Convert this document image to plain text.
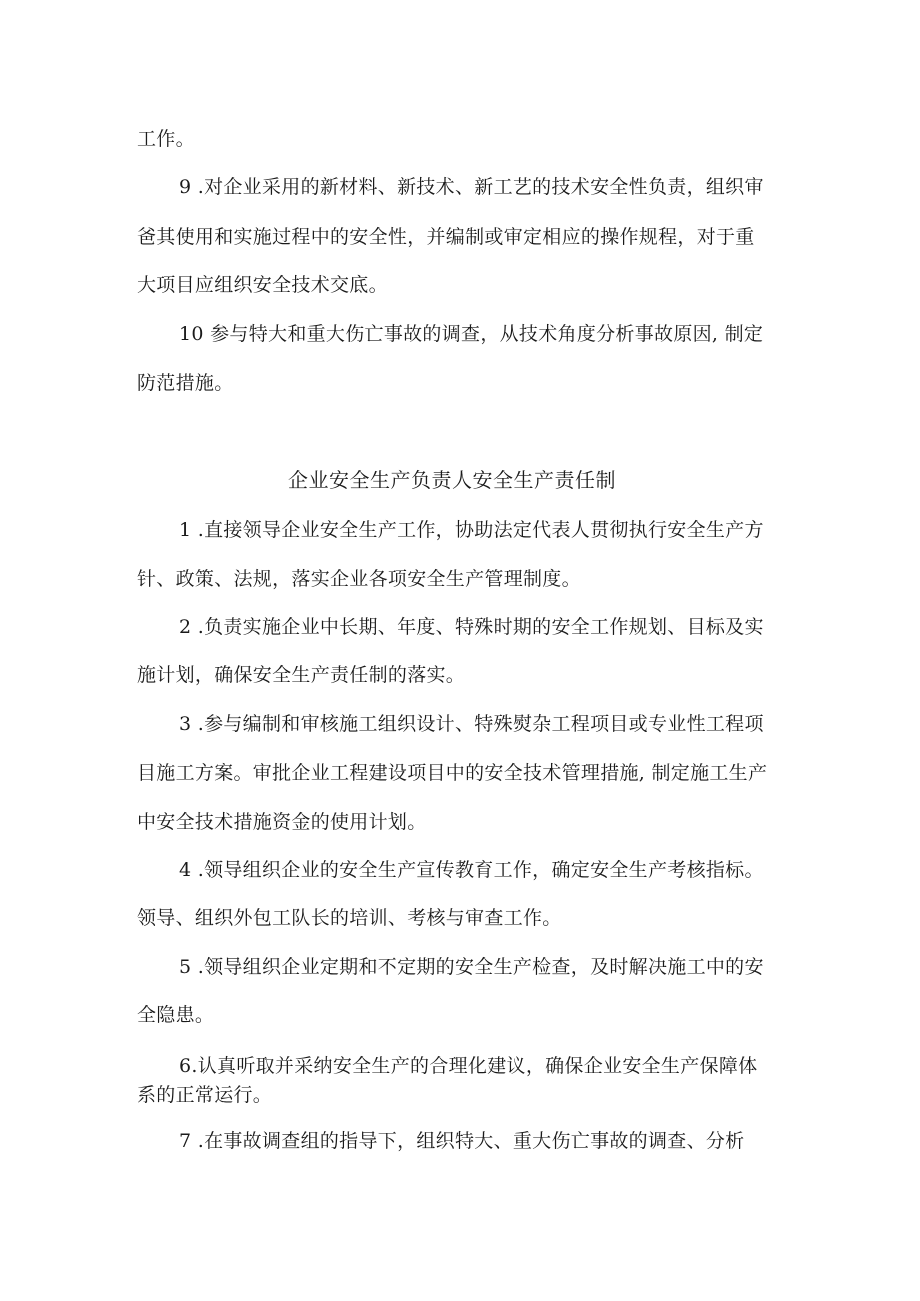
工作。
9 .对企业采用的新材料、新技术、新工艺的技术安全性负责，组织审
爸其使用和实施过程中的安全性，并编制或审定相应的操作规程，对于重
大项目应组织安全技术交底。
10 参与特大和重大伤亡事故的调查，从技术角度分析事故原因, 制定
防范措施。
企业安全生产负责人安全生产责任制
1 .直接领导企业安全生产工作，协助法定代表人贯彻执行安全生产方
针、政策、法规，落实企业各项安全生产管理制度。
2 .负责实施企业中长期、年度、特殊时期的安全工作规划、目标及实
施计划，确保安全生产责任制的落实。
3 .参与编制和审核施工组织设计、特殊熨杂工程项目或专业性工程项
目施工方案。审批企业工程建设项目中的安全技术管理措施, 制定施工生产
中安全技术措施资金的使用计划。
4 .领导组织企业的安全生产宣传教育工作，确定安全生产考核指标。
领导、组织外包工队长的培训、考核与审查工作。
5 .领导组织企业定期和不定期的安全生产检查，及时解决施工中的安
全隐患。
6.认真听取并采纳安全生产的合理化建议，确保企业安全生产保障体
系的正常运行。
7 .在事故调查组的指导下，组织特大、重大伤亡事故的调查、分析
